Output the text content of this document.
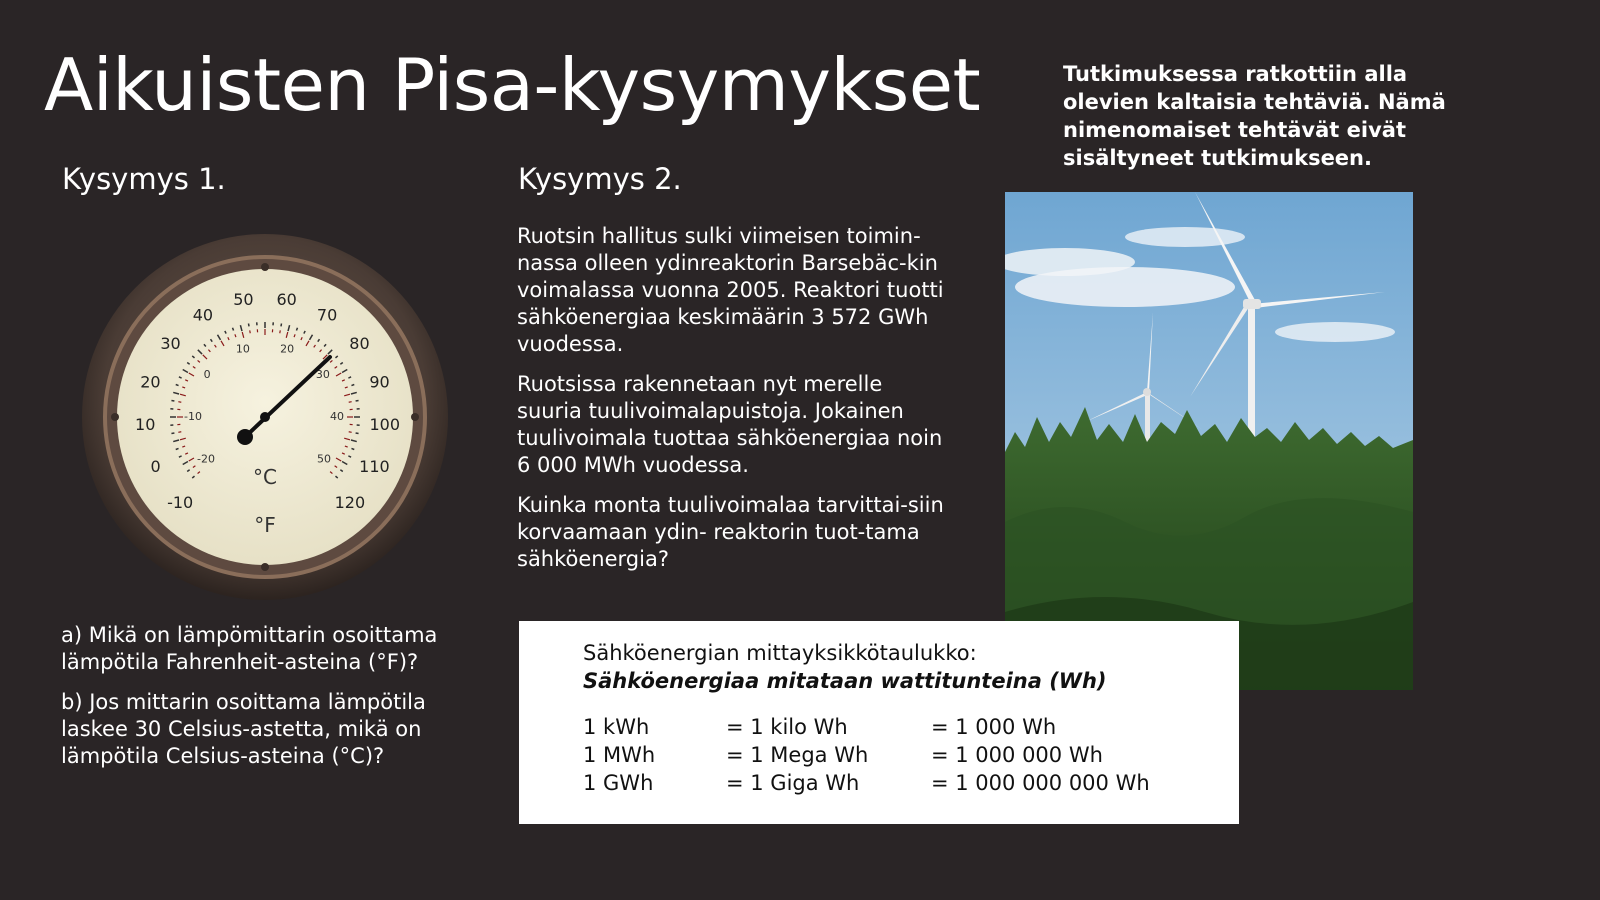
Aikuisten Pisa-kysymykset	Tutkimuksessa ratkottiin alla olevien kaltaisia tehtäviä. Nämä nimenomaiset tehtävät eivät sisältyneet tutkimukseen.

Kysymys 1.	Kysymys 2.
-10
0
10
20
30
40
50 60
70
80
90
100
110
120
-20
-10
0
10	20
30
40
50
°C
°F

a) Mikä on lämpömittarin osoittama lämpötila Fahrenheit-asteina (°F)?

b) Jos mittarin osoittama lämpötila laskee 30 Celsius-astetta, mikä on lämpötila Celsius-asteina (°C)?

Ruotsin hallitus sulki viimeisen toimin-nassa olleen ydinreaktorin Barsebäc-kin voimalassa vuonna 2005. Reaktori tuotti sähköenergiaa keskimäärin 3 572 GWh vuodessa.

Ruotsissa rakennetaan nyt merelle suuria tuulivoimalapuistoja. Jokainen tuulivoimala tuottaa sähköenergiaa noin 6 000 MWh vuodessa.

Kuinka monta tuulivoimalaa tarvittai-siin korvaamaan ydin- reaktorin tuot-tama sähköenergia?

Sähköenergian mittayksikkötaulukko:

Sähköenergiaa mitataan wattitunteina (Wh)

1 kWh	= 1 kilo Wh	= 1 000 Wh
1 MWh	= 1 Mega Wh	= 1 000 000 Wh
1 GWh	= 1 Giga Wh	= 1 000 000 000 Wh
